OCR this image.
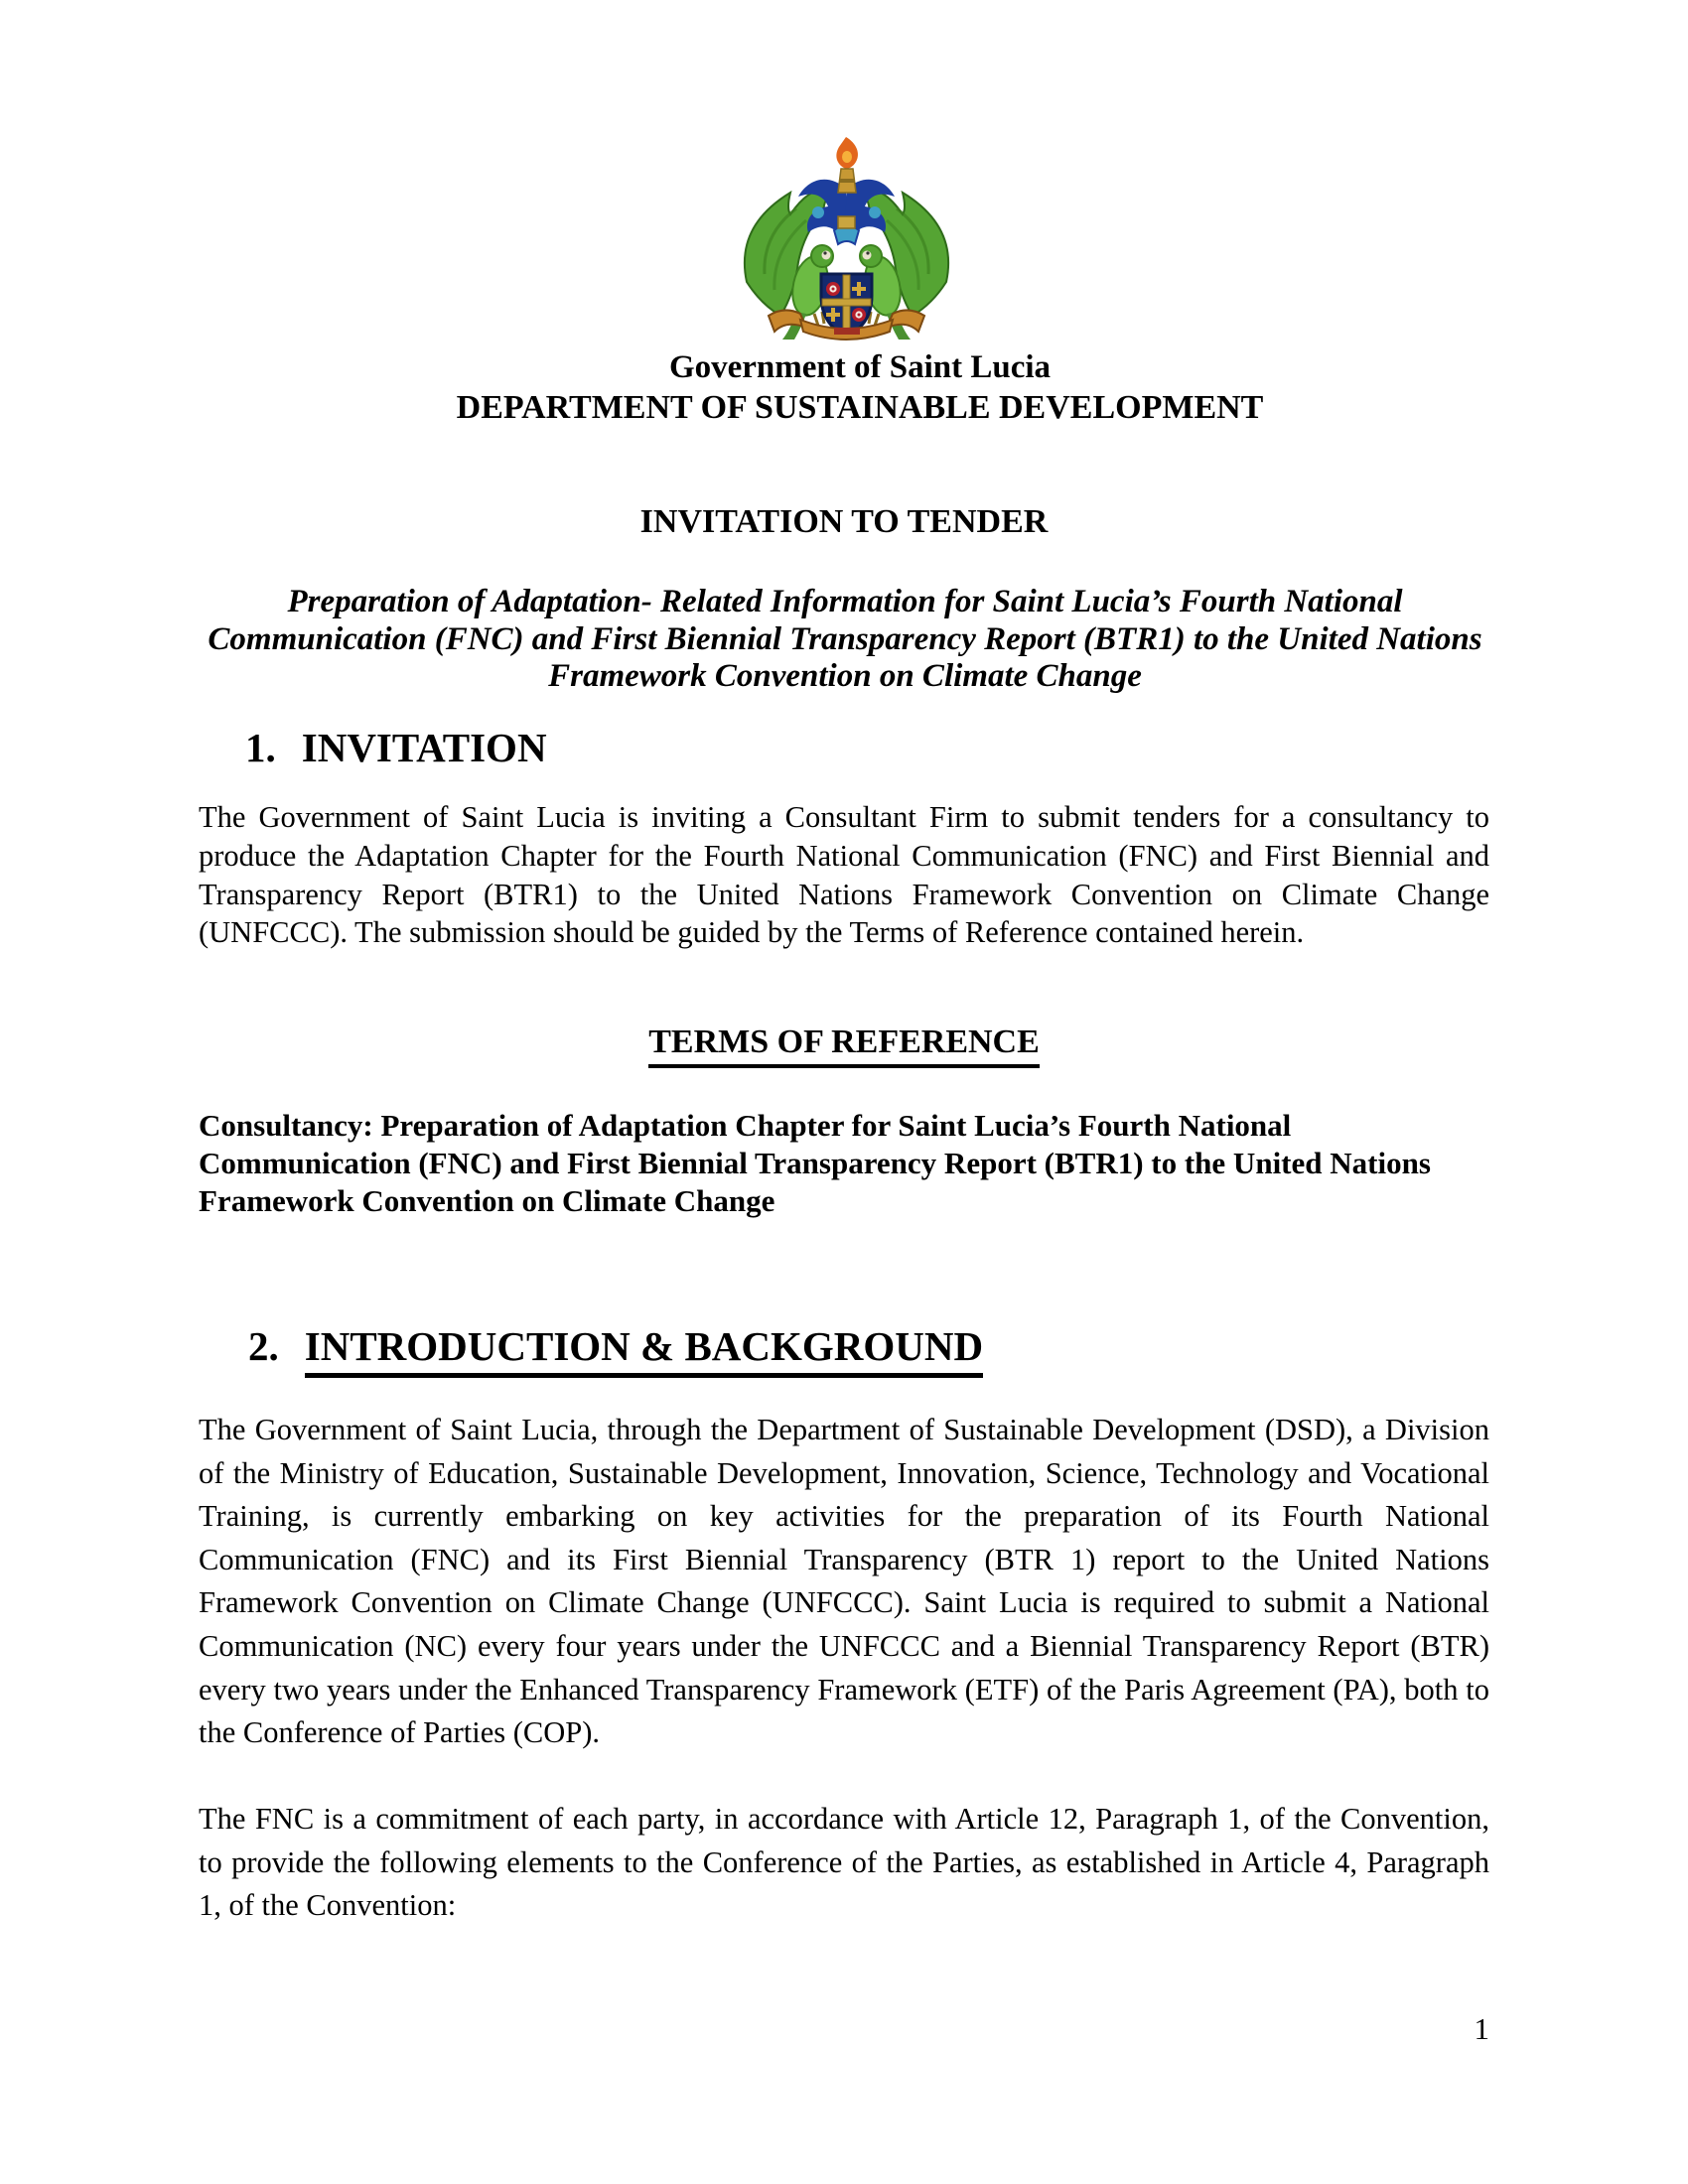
Government of Saint Lucia
DEPARTMENT OF SUSTAINABLE DEVELOPMENT
INVITATION TO TENDER
Preparation of Adaptation- Related Information for Saint Lucia’s Fourth National Communication (FNC) and First Biennial Transparency Report (BTR1) to the United Nations Framework Convention on Climate Change
1. INVITATION

The Government of Saint Lucia is inviting a Consultant Firm to submit tenders for a consultancy to produce the Adaptation Chapter for the Fourth National Communication (FNC) and First Biennial and Transparency Report (BTR1) to the United Nations Framework Convention on Climate Change (UNFCCC). The submission should be guided by the Terms of Reference contained herein.

TERMS OF REFERENCE
Consultancy: Preparation of Adaptation Chapter for Saint Lucia’s Fourth National Communication (FNC) and First Biennial Transparency Report (BTR1) to the United Nations Framework Convention on Climate Change
2. INTRODUCTION & BACKGROUND

The Government of Saint Lucia, through the Department of Sustainable Development (DSD), a Division of the Ministry of Education, Sustainable Development, Innovation, Science, Technology and Vocational Training, is currently embarking on key activities for the preparation of its Fourth National Communication (FNC) and its First Biennial Transparency (BTR 1) report to the United Nations Framework Convention on Climate Change (UNFCCC). Saint Lucia is required to submit a National Communication (NC) every four years under the UNFCCC and a Biennial Transparency Report (BTR) every two years under the Enhanced Transparency Framework (ETF) of the Paris Agreement (PA), both to the Conference of Parties (COP).

The FNC is a commitment of each party, in accordance with Article 12, Paragraph 1, of the Convention, to provide the following elements to the Conference of the Parties, as established in Article 4, Paragraph 1, of the Convention:

1
